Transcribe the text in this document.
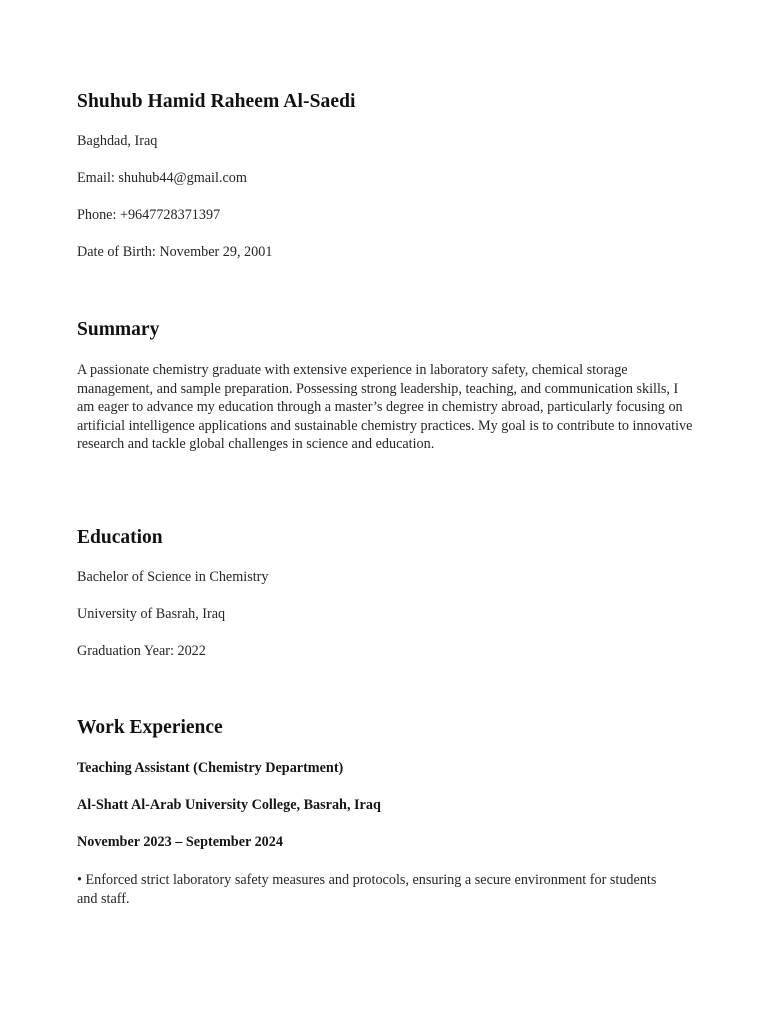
Shuhub Hamid Raheem Al-Saedi

Baghdad, Iraq

Email: shuhub44@gmail.com

Phone: +9647728371397

Date of Birth: November 29, 2001

Summary

A passionate chemistry graduate with extensive experience in laboratory safety, chemical storage management, and sample preparation. Possessing strong leadership, teaching, and communication skills, I am eager to advance my education through a master’s degree in chemistry abroad, particularly focusing on artificial intelligence applications and sustainable chemistry practices. My goal is to contribute to innovative research and tackle global challenges in science and education.

Education

Bachelor of Science in Chemistry

University of Basrah, Iraq

Graduation Year: 2022

Work Experience

Teaching Assistant (Chemistry Department)

Al-Shatt Al-Arab University College, Basrah, Iraq

November 2023 – September 2024

• Enforced strict laboratory safety measures and protocols, ensuring a secure environment for students and staff.
